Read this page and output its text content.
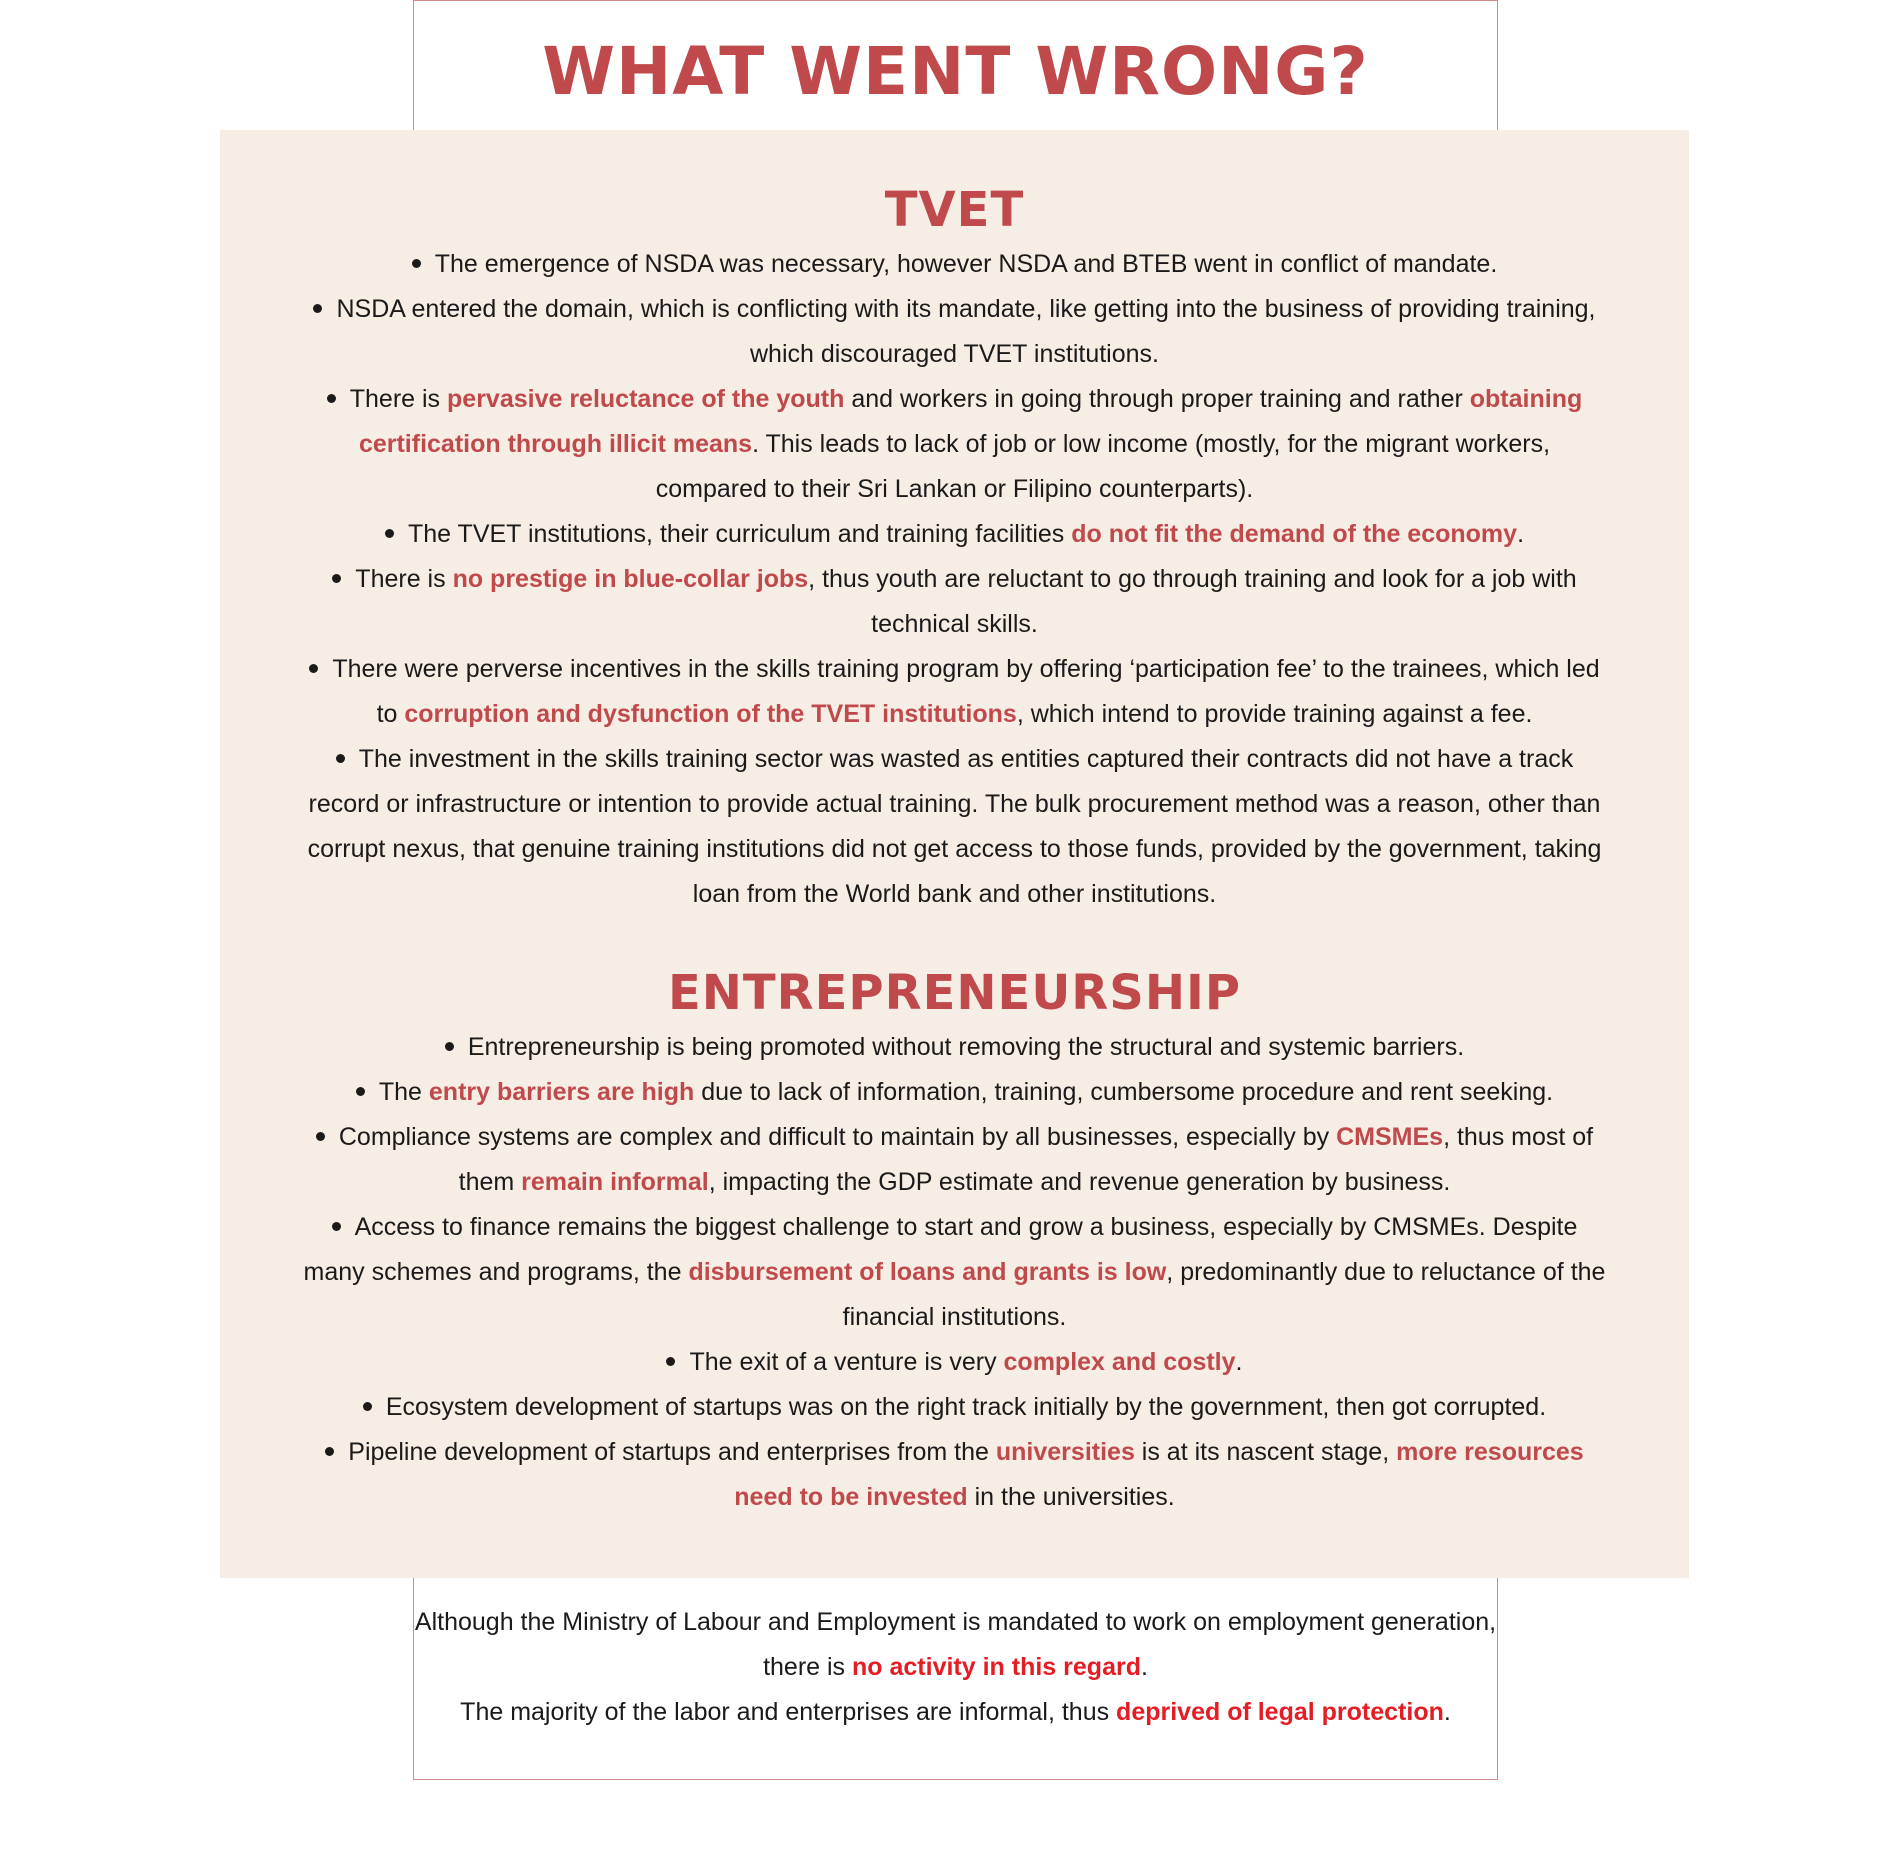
WHAT WENT WRONG?
TVET
The emergence of NSDA was necessary, however NSDA and BTEB went in conflict of mandate.
NSDA entered the domain, which is conflicting with its mandate, like getting into the business of providing training, which discouraged TVET institutions.
There is pervasive reluctance of the youth and workers in going through proper training and rather obtaining certification through illicit means. This leads to lack of job or low income (mostly, for the migrant workers, compared to their Sri Lankan or Filipino counterparts).
The TVET institutions, their curriculum and training facilities do not fit the demand of the economy.
There is no prestige in blue-collar jobs, thus youth are reluctant to go through training and look for a job with technical skills.
There were perverse incentives in the skills training program by offering ‘participation fee’ to the trainees, which led to corruption and dysfunction of the TVET institutions, which intend to provide training against a fee.
The investment in the skills training sector was wasted as entities captured their contracts did not have a track record or infrastructure or intention to provide actual training. The bulk procurement method was a reason, other than corrupt nexus, that genuine training institutions did not get access to those funds, provided by the government, taking loan from the World bank and other institutions.
ENTREPRENEURSHIP
Entrepreneurship is being promoted without removing the structural and systemic barriers.
The entry barriers are high due to lack of information, training, cumbersome procedure and rent seeking.
Compliance systems are complex and difficult to maintain by all businesses, especially by CMSMEs, thus most of them remain informal, impacting the GDP estimate and revenue generation by business.
Access to finance remains the biggest challenge to start and grow a business, especially by CMSMEs. Despite many schemes and programs, the disbursement of loans and grants is low, predominantly due to reluctance of the financial institutions.
The exit of a venture is very complex and costly.
Ecosystem development of startups was on the right track initially by the government, then got corrupted.
Pipeline development of startups and enterprises from the universities is at its nascent stage, more resources need to be invested in the universities.

Although the Ministry of Labour and Employment is mandated to work on employment generation, there is no activity in this regard.

The majority of the labor and enterprises are informal, thus deprived of legal protection.
